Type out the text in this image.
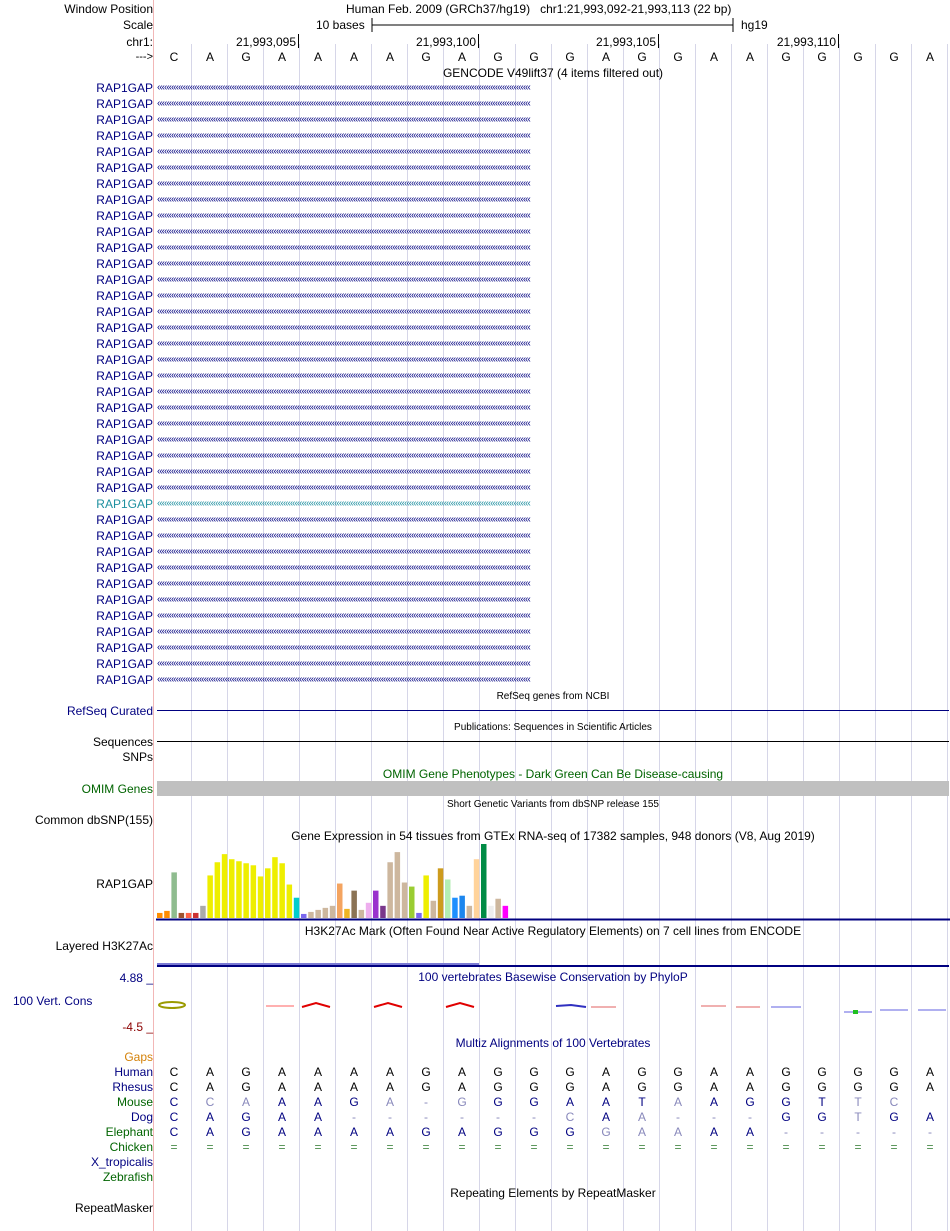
Window Position	Human Feb. 2009 (GRCh37/hg19) chr1:21,993,092-21,993,113 (22 bp)
Scale	10 bases	hg19
chr1:
--->
GENCODE V49lift37 (4 items filtered out)
RefSeq genes from NCBI
RefSeq Curated
Publications: Sequences in Scientific Articles
Sequences
SNPs
OMIM Gene Phenotypes - Dark Green Can Be Disease-causing
OMIM Genes
Short Genetic Variants from dbSNP release 155
Common dbSNP(155)
Gene Expression in 54 tissues from GTEx RNA-seq of 17382 samples, 948 donors (V8, Aug 2019)
RAP1GAP
H3K27Ac Mark (Often Found Near Active Regulatory Elements) on 7 cell lines from ENCODE
Layered H3K27Ac
100 vertebrates Basewise Conservation by PhyloP
4.88 _
100 Vert. Cons
-4.5 _
Multiz Alignments of 100 Vertebrates
Gaps
Repeating Elements by RepeatMasker
RepeatMasker
21,993,095	21,993,100	21,993,105	21,993,110
C	A	G	A	A	A	A	G	A	G	G	G	A	G	G	A	A	G	G	G	G	A
RAP1GAP ‹‹‹‹‹‹‹‹‹‹‹‹‹‹‹‹‹‹‹‹‹‹‹‹‹‹‹‹‹‹‹‹‹‹‹‹‹‹‹‹‹‹‹‹‹‹‹‹‹‹‹‹‹‹‹‹‹‹‹‹‹‹‹‹‹‹‹‹‹‹‹‹‹‹‹‹‹‹‹‹‹‹‹‹‹‹‹‹‹‹‹‹‹‹‹‹‹‹‹‹‹‹‹‹‹‹‹‹‹‹‹‹‹‹‹‹‹‹‹‹‹‹‹‹‹‹‹‹‹‹‹‹‹‹‹‹‹‹‹‹‹‹‹‹‹‹‹‹‹‹‹‹‹‹‹‹‹‹‹‹
RAP1GAP ‹‹‹‹‹‹‹‹‹‹‹‹‹‹‹‹‹‹‹‹‹‹‹‹‹‹‹‹‹‹‹‹‹‹‹‹‹‹‹‹‹‹‹‹‹‹‹‹‹‹‹‹‹‹‹‹‹‹‹‹‹‹‹‹‹‹‹‹‹‹‹‹‹‹‹‹‹‹‹‹‹‹‹‹‹‹‹‹‹‹‹‹‹‹‹‹‹‹‹‹‹‹‹‹‹‹‹‹‹‹‹‹‹‹‹‹‹‹‹‹‹‹‹‹‹‹‹‹‹‹‹‹‹‹‹‹‹‹‹‹‹‹‹‹‹‹‹‹‹‹‹‹‹‹‹‹‹‹‹‹
RAP1GAP ‹‹‹‹‹‹‹‹‹‹‹‹‹‹‹‹‹‹‹‹‹‹‹‹‹‹‹‹‹‹‹‹‹‹‹‹‹‹‹‹‹‹‹‹‹‹‹‹‹‹‹‹‹‹‹‹‹‹‹‹‹‹‹‹‹‹‹‹‹‹‹‹‹‹‹‹‹‹‹‹‹‹‹‹‹‹‹‹‹‹‹‹‹‹‹‹‹‹‹‹‹‹‹‹‹‹‹‹‹‹‹‹‹‹‹‹‹‹‹‹‹‹‹‹‹‹‹‹‹‹‹‹‹‹‹‹‹‹‹‹‹‹‹‹‹‹‹‹‹‹‹‹‹‹‹‹‹‹‹‹
RAP1GAP ‹‹‹‹‹‹‹‹‹‹‹‹‹‹‹‹‹‹‹‹‹‹‹‹‹‹‹‹‹‹‹‹‹‹‹‹‹‹‹‹‹‹‹‹‹‹‹‹‹‹‹‹‹‹‹‹‹‹‹‹‹‹‹‹‹‹‹‹‹‹‹‹‹‹‹‹‹‹‹‹‹‹‹‹‹‹‹‹‹‹‹‹‹‹‹‹‹‹‹‹‹‹‹‹‹‹‹‹‹‹‹‹‹‹‹‹‹‹‹‹‹‹‹‹‹‹‹‹‹‹‹‹‹‹‹‹‹‹‹‹‹‹‹‹‹‹‹‹‹‹‹‹‹‹‹‹‹‹‹‹
RAP1GAP ‹‹‹‹‹‹‹‹‹‹‹‹‹‹‹‹‹‹‹‹‹‹‹‹‹‹‹‹‹‹‹‹‹‹‹‹‹‹‹‹‹‹‹‹‹‹‹‹‹‹‹‹‹‹‹‹‹‹‹‹‹‹‹‹‹‹‹‹‹‹‹‹‹‹‹‹‹‹‹‹‹‹‹‹‹‹‹‹‹‹‹‹‹‹‹‹‹‹‹‹‹‹‹‹‹‹‹‹‹‹‹‹‹‹‹‹‹‹‹‹‹‹‹‹‹‹‹‹‹‹‹‹‹‹‹‹‹‹‹‹‹‹‹‹‹‹‹‹‹‹‹‹‹‹‹‹‹‹‹‹
RAP1GAP ‹‹‹‹‹‹‹‹‹‹‹‹‹‹‹‹‹‹‹‹‹‹‹‹‹‹‹‹‹‹‹‹‹‹‹‹‹‹‹‹‹‹‹‹‹‹‹‹‹‹‹‹‹‹‹‹‹‹‹‹‹‹‹‹‹‹‹‹‹‹‹‹‹‹‹‹‹‹‹‹‹‹‹‹‹‹‹‹‹‹‹‹‹‹‹‹‹‹‹‹‹‹‹‹‹‹‹‹‹‹‹‹‹‹‹‹‹‹‹‹‹‹‹‹‹‹‹‹‹‹‹‹‹‹‹‹‹‹‹‹‹‹‹‹‹‹‹‹‹‹‹‹‹‹‹‹‹‹‹‹
RAP1GAP ‹‹‹‹‹‹‹‹‹‹‹‹‹‹‹‹‹‹‹‹‹‹‹‹‹‹‹‹‹‹‹‹‹‹‹‹‹‹‹‹‹‹‹‹‹‹‹‹‹‹‹‹‹‹‹‹‹‹‹‹‹‹‹‹‹‹‹‹‹‹‹‹‹‹‹‹‹‹‹‹‹‹‹‹‹‹‹‹‹‹‹‹‹‹‹‹‹‹‹‹‹‹‹‹‹‹‹‹‹‹‹‹‹‹‹‹‹‹‹‹‹‹‹‹‹‹‹‹‹‹‹‹‹‹‹‹‹‹‹‹‹‹‹‹‹‹‹‹‹‹‹‹‹‹‹‹‹‹‹‹
RAP1GAP ‹‹‹‹‹‹‹‹‹‹‹‹‹‹‹‹‹‹‹‹‹‹‹‹‹‹‹‹‹‹‹‹‹‹‹‹‹‹‹‹‹‹‹‹‹‹‹‹‹‹‹‹‹‹‹‹‹‹‹‹‹‹‹‹‹‹‹‹‹‹‹‹‹‹‹‹‹‹‹‹‹‹‹‹‹‹‹‹‹‹‹‹‹‹‹‹‹‹‹‹‹‹‹‹‹‹‹‹‹‹‹‹‹‹‹‹‹‹‹‹‹‹‹‹‹‹‹‹‹‹‹‹‹‹‹‹‹‹‹‹‹‹‹‹‹‹‹‹‹‹‹‹‹‹‹‹‹‹‹‹
RAP1GAP ‹‹‹‹‹‹‹‹‹‹‹‹‹‹‹‹‹‹‹‹‹‹‹‹‹‹‹‹‹‹‹‹‹‹‹‹‹‹‹‹‹‹‹‹‹‹‹‹‹‹‹‹‹‹‹‹‹‹‹‹‹‹‹‹‹‹‹‹‹‹‹‹‹‹‹‹‹‹‹‹‹‹‹‹‹‹‹‹‹‹‹‹‹‹‹‹‹‹‹‹‹‹‹‹‹‹‹‹‹‹‹‹‹‹‹‹‹‹‹‹‹‹‹‹‹‹‹‹‹‹‹‹‹‹‹‹‹‹‹‹‹‹‹‹‹‹‹‹‹‹‹‹‹‹‹‹‹‹‹‹
RAP1GAP ‹‹‹‹‹‹‹‹‹‹‹‹‹‹‹‹‹‹‹‹‹‹‹‹‹‹‹‹‹‹‹‹‹‹‹‹‹‹‹‹‹‹‹‹‹‹‹‹‹‹‹‹‹‹‹‹‹‹‹‹‹‹‹‹‹‹‹‹‹‹‹‹‹‹‹‹‹‹‹‹‹‹‹‹‹‹‹‹‹‹‹‹‹‹‹‹‹‹‹‹‹‹‹‹‹‹‹‹‹‹‹‹‹‹‹‹‹‹‹‹‹‹‹‹‹‹‹‹‹‹‹‹‹‹‹‹‹‹‹‹‹‹‹‹‹‹‹‹‹‹‹‹‹‹‹‹‹‹‹‹
RAP1GAP ‹‹‹‹‹‹‹‹‹‹‹‹‹‹‹‹‹‹‹‹‹‹‹‹‹‹‹‹‹‹‹‹‹‹‹‹‹‹‹‹‹‹‹‹‹‹‹‹‹‹‹‹‹‹‹‹‹‹‹‹‹‹‹‹‹‹‹‹‹‹‹‹‹‹‹‹‹‹‹‹‹‹‹‹‹‹‹‹‹‹‹‹‹‹‹‹‹‹‹‹‹‹‹‹‹‹‹‹‹‹‹‹‹‹‹‹‹‹‹‹‹‹‹‹‹‹‹‹‹‹‹‹‹‹‹‹‹‹‹‹‹‹‹‹‹‹‹‹‹‹‹‹‹‹‹‹‹‹‹‹
RAP1GAP ‹‹‹‹‹‹‹‹‹‹‹‹‹‹‹‹‹‹‹‹‹‹‹‹‹‹‹‹‹‹‹‹‹‹‹‹‹‹‹‹‹‹‹‹‹‹‹‹‹‹‹‹‹‹‹‹‹‹‹‹‹‹‹‹‹‹‹‹‹‹‹‹‹‹‹‹‹‹‹‹‹‹‹‹‹‹‹‹‹‹‹‹‹‹‹‹‹‹‹‹‹‹‹‹‹‹‹‹‹‹‹‹‹‹‹‹‹‹‹‹‹‹‹‹‹‹‹‹‹‹‹‹‹‹‹‹‹‹‹‹‹‹‹‹‹‹‹‹‹‹‹‹‹‹‹‹‹‹‹‹
RAP1GAP ‹‹‹‹‹‹‹‹‹‹‹‹‹‹‹‹‹‹‹‹‹‹‹‹‹‹‹‹‹‹‹‹‹‹‹‹‹‹‹‹‹‹‹‹‹‹‹‹‹‹‹‹‹‹‹‹‹‹‹‹‹‹‹‹‹‹‹‹‹‹‹‹‹‹‹‹‹‹‹‹‹‹‹‹‹‹‹‹‹‹‹‹‹‹‹‹‹‹‹‹‹‹‹‹‹‹‹‹‹‹‹‹‹‹‹‹‹‹‹‹‹‹‹‹‹‹‹‹‹‹‹‹‹‹‹‹‹‹‹‹‹‹‹‹‹‹‹‹‹‹‹‹‹‹‹‹‹‹‹‹
RAP1GAP ‹‹‹‹‹‹‹‹‹‹‹‹‹‹‹‹‹‹‹‹‹‹‹‹‹‹‹‹‹‹‹‹‹‹‹‹‹‹‹‹‹‹‹‹‹‹‹‹‹‹‹‹‹‹‹‹‹‹‹‹‹‹‹‹‹‹‹‹‹‹‹‹‹‹‹‹‹‹‹‹‹‹‹‹‹‹‹‹‹‹‹‹‹‹‹‹‹‹‹‹‹‹‹‹‹‹‹‹‹‹‹‹‹‹‹‹‹‹‹‹‹‹‹‹‹‹‹‹‹‹‹‹‹‹‹‹‹‹‹‹‹‹‹‹‹‹‹‹‹‹‹‹‹‹‹‹‹‹‹‹
RAP1GAP ‹‹‹‹‹‹‹‹‹‹‹‹‹‹‹‹‹‹‹‹‹‹‹‹‹‹‹‹‹‹‹‹‹‹‹‹‹‹‹‹‹‹‹‹‹‹‹‹‹‹‹‹‹‹‹‹‹‹‹‹‹‹‹‹‹‹‹‹‹‹‹‹‹‹‹‹‹‹‹‹‹‹‹‹‹‹‹‹‹‹‹‹‹‹‹‹‹‹‹‹‹‹‹‹‹‹‹‹‹‹‹‹‹‹‹‹‹‹‹‹‹‹‹‹‹‹‹‹‹‹‹‹‹‹‹‹‹‹‹‹‹‹‹‹‹‹‹‹‹‹‹‹‹‹‹‹‹‹‹‹
RAP1GAP ‹‹‹‹‹‹‹‹‹‹‹‹‹‹‹‹‹‹‹‹‹‹‹‹‹‹‹‹‹‹‹‹‹‹‹‹‹‹‹‹‹‹‹‹‹‹‹‹‹‹‹‹‹‹‹‹‹‹‹‹‹‹‹‹‹‹‹‹‹‹‹‹‹‹‹‹‹‹‹‹‹‹‹‹‹‹‹‹‹‹‹‹‹‹‹‹‹‹‹‹‹‹‹‹‹‹‹‹‹‹‹‹‹‹‹‹‹‹‹‹‹‹‹‹‹‹‹‹‹‹‹‹‹‹‹‹‹‹‹‹‹‹‹‹‹‹‹‹‹‹‹‹‹‹‹‹‹‹‹‹
RAP1GAP ‹‹‹‹‹‹‹‹‹‹‹‹‹‹‹‹‹‹‹‹‹‹‹‹‹‹‹‹‹‹‹‹‹‹‹‹‹‹‹‹‹‹‹‹‹‹‹‹‹‹‹‹‹‹‹‹‹‹‹‹‹‹‹‹‹‹‹‹‹‹‹‹‹‹‹‹‹‹‹‹‹‹‹‹‹‹‹‹‹‹‹‹‹‹‹‹‹‹‹‹‹‹‹‹‹‹‹‹‹‹‹‹‹‹‹‹‹‹‹‹‹‹‹‹‹‹‹‹‹‹‹‹‹‹‹‹‹‹‹‹‹‹‹‹‹‹‹‹‹‹‹‹‹‹‹‹‹‹‹‹
RAP1GAP ‹‹‹‹‹‹‹‹‹‹‹‹‹‹‹‹‹‹‹‹‹‹‹‹‹‹‹‹‹‹‹‹‹‹‹‹‹‹‹‹‹‹‹‹‹‹‹‹‹‹‹‹‹‹‹‹‹‹‹‹‹‹‹‹‹‹‹‹‹‹‹‹‹‹‹‹‹‹‹‹‹‹‹‹‹‹‹‹‹‹‹‹‹‹‹‹‹‹‹‹‹‹‹‹‹‹‹‹‹‹‹‹‹‹‹‹‹‹‹‹‹‹‹‹‹‹‹‹‹‹‹‹‹‹‹‹‹‹‹‹‹‹‹‹‹‹‹‹‹‹‹‹‹‹‹‹‹‹‹‹
RAP1GAP ‹‹‹‹‹‹‹‹‹‹‹‹‹‹‹‹‹‹‹‹‹‹‹‹‹‹‹‹‹‹‹‹‹‹‹‹‹‹‹‹‹‹‹‹‹‹‹‹‹‹‹‹‹‹‹‹‹‹‹‹‹‹‹‹‹‹‹‹‹‹‹‹‹‹‹‹‹‹‹‹‹‹‹‹‹‹‹‹‹‹‹‹‹‹‹‹‹‹‹‹‹‹‹‹‹‹‹‹‹‹‹‹‹‹‹‹‹‹‹‹‹‹‹‹‹‹‹‹‹‹‹‹‹‹‹‹‹‹‹‹‹‹‹‹‹‹‹‹‹‹‹‹‹‹‹‹‹‹‹‹
RAP1GAP ‹‹‹‹‹‹‹‹‹‹‹‹‹‹‹‹‹‹‹‹‹‹‹‹‹‹‹‹‹‹‹‹‹‹‹‹‹‹‹‹‹‹‹‹‹‹‹‹‹‹‹‹‹‹‹‹‹‹‹‹‹‹‹‹‹‹‹‹‹‹‹‹‹‹‹‹‹‹‹‹‹‹‹‹‹‹‹‹‹‹‹‹‹‹‹‹‹‹‹‹‹‹‹‹‹‹‹‹‹‹‹‹‹‹‹‹‹‹‹‹‹‹‹‹‹‹‹‹‹‹‹‹‹‹‹‹‹‹‹‹‹‹‹‹‹‹‹‹‹‹‹‹‹‹‹‹‹‹‹‹
RAP1GAP ‹‹‹‹‹‹‹‹‹‹‹‹‹‹‹‹‹‹‹‹‹‹‹‹‹‹‹‹‹‹‹‹‹‹‹‹‹‹‹‹‹‹‹‹‹‹‹‹‹‹‹‹‹‹‹‹‹‹‹‹‹‹‹‹‹‹‹‹‹‹‹‹‹‹‹‹‹‹‹‹‹‹‹‹‹‹‹‹‹‹‹‹‹‹‹‹‹‹‹‹‹‹‹‹‹‹‹‹‹‹‹‹‹‹‹‹‹‹‹‹‹‹‹‹‹‹‹‹‹‹‹‹‹‹‹‹‹‹‹‹‹‹‹‹‹‹‹‹‹‹‹‹‹‹‹‹‹‹‹‹
RAP1GAP ‹‹‹‹‹‹‹‹‹‹‹‹‹‹‹‹‹‹‹‹‹‹‹‹‹‹‹‹‹‹‹‹‹‹‹‹‹‹‹‹‹‹‹‹‹‹‹‹‹‹‹‹‹‹‹‹‹‹‹‹‹‹‹‹‹‹‹‹‹‹‹‹‹‹‹‹‹‹‹‹‹‹‹‹‹‹‹‹‹‹‹‹‹‹‹‹‹‹‹‹‹‹‹‹‹‹‹‹‹‹‹‹‹‹‹‹‹‹‹‹‹‹‹‹‹‹‹‹‹‹‹‹‹‹‹‹‹‹‹‹‹‹‹‹‹‹‹‹‹‹‹‹‹‹‹‹‹‹‹‹
RAP1GAP ‹‹‹‹‹‹‹‹‹‹‹‹‹‹‹‹‹‹‹‹‹‹‹‹‹‹‹‹‹‹‹‹‹‹‹‹‹‹‹‹‹‹‹‹‹‹‹‹‹‹‹‹‹‹‹‹‹‹‹‹‹‹‹‹‹‹‹‹‹‹‹‹‹‹‹‹‹‹‹‹‹‹‹‹‹‹‹‹‹‹‹‹‹‹‹‹‹‹‹‹‹‹‹‹‹‹‹‹‹‹‹‹‹‹‹‹‹‹‹‹‹‹‹‹‹‹‹‹‹‹‹‹‹‹‹‹‹‹‹‹‹‹‹‹‹‹‹‹‹‹‹‹‹‹‹‹‹‹‹‹
RAP1GAP ‹‹‹‹‹‹‹‹‹‹‹‹‹‹‹‹‹‹‹‹‹‹‹‹‹‹‹‹‹‹‹‹‹‹‹‹‹‹‹‹‹‹‹‹‹‹‹‹‹‹‹‹‹‹‹‹‹‹‹‹‹‹‹‹‹‹‹‹‹‹‹‹‹‹‹‹‹‹‹‹‹‹‹‹‹‹‹‹‹‹‹‹‹‹‹‹‹‹‹‹‹‹‹‹‹‹‹‹‹‹‹‹‹‹‹‹‹‹‹‹‹‹‹‹‹‹‹‹‹‹‹‹‹‹‹‹‹‹‹‹‹‹‹‹‹‹‹‹‹‹‹‹‹‹‹‹‹‹‹‹
RAP1GAP ‹‹‹‹‹‹‹‹‹‹‹‹‹‹‹‹‹‹‹‹‹‹‹‹‹‹‹‹‹‹‹‹‹‹‹‹‹‹‹‹‹‹‹‹‹‹‹‹‹‹‹‹‹‹‹‹‹‹‹‹‹‹‹‹‹‹‹‹‹‹‹‹‹‹‹‹‹‹‹‹‹‹‹‹‹‹‹‹‹‹‹‹‹‹‹‹‹‹‹‹‹‹‹‹‹‹‹‹‹‹‹‹‹‹‹‹‹‹‹‹‹‹‹‹‹‹‹‹‹‹‹‹‹‹‹‹‹‹‹‹‹‹‹‹‹‹‹‹‹‹‹‹‹‹‹‹‹‹‹‹
RAP1GAP ‹‹‹‹‹‹‹‹‹‹‹‹‹‹‹‹‹‹‹‹‹‹‹‹‹‹‹‹‹‹‹‹‹‹‹‹‹‹‹‹‹‹‹‹‹‹‹‹‹‹‹‹‹‹‹‹‹‹‹‹‹‹‹‹‹‹‹‹‹‹‹‹‹‹‹‹‹‹‹‹‹‹‹‹‹‹‹‹‹‹‹‹‹‹‹‹‹‹‹‹‹‹‹‹‹‹‹‹‹‹‹‹‹‹‹‹‹‹‹‹‹‹‹‹‹‹‹‹‹‹‹‹‹‹‹‹‹‹‹‹‹‹‹‹‹‹‹‹‹‹‹‹‹‹‹‹‹‹‹‹
RAP1GAP ‹‹‹‹‹‹‹‹‹‹‹‹‹‹‹‹‹‹‹‹‹‹‹‹‹‹‹‹‹‹‹‹‹‹‹‹‹‹‹‹‹‹‹‹‹‹‹‹‹‹‹‹‹‹‹‹‹‹‹‹‹‹‹‹‹‹‹‹‹‹‹‹‹‹‹‹‹‹‹‹‹‹‹‹‹‹‹‹‹‹‹‹‹‹‹‹‹‹‹‹‹‹‹‹‹‹‹‹‹‹‹‹‹‹‹‹‹‹‹‹‹‹‹‹‹‹‹‹‹‹‹‹‹‹‹‹‹‹‹‹‹‹‹‹‹‹‹‹‹‹‹‹‹‹‹‹‹‹‹‹
RAP1GAP ‹‹‹‹‹‹‹‹‹‹‹‹‹‹‹‹‹‹‹‹‹‹‹‹‹‹‹‹‹‹‹‹‹‹‹‹‹‹‹‹‹‹‹‹‹‹‹‹‹‹‹‹‹‹‹‹‹‹‹‹‹‹‹‹‹‹‹‹‹‹‹‹‹‹‹‹‹‹‹‹‹‹‹‹‹‹‹‹‹‹‹‹‹‹‹‹‹‹‹‹‹‹‹‹‹‹‹‹‹‹‹‹‹‹‹‹‹‹‹‹‹‹‹‹‹‹‹‹‹‹‹‹‹‹‹‹‹‹‹‹‹‹‹‹‹‹‹‹‹‹‹‹‹‹‹‹‹‹‹‹
RAP1GAP ‹‹‹‹‹‹‹‹‹‹‹‹‹‹‹‹‹‹‹‹‹‹‹‹‹‹‹‹‹‹‹‹‹‹‹‹‹‹‹‹‹‹‹‹‹‹‹‹‹‹‹‹‹‹‹‹‹‹‹‹‹‹‹‹‹‹‹‹‹‹‹‹‹‹‹‹‹‹‹‹‹‹‹‹‹‹‹‹‹‹‹‹‹‹‹‹‹‹‹‹‹‹‹‹‹‹‹‹‹‹‹‹‹‹‹‹‹‹‹‹‹‹‹‹‹‹‹‹‹‹‹‹‹‹‹‹‹‹‹‹‹‹‹‹‹‹‹‹‹‹‹‹‹‹‹‹‹‹‹‹
RAP1GAP ‹‹‹‹‹‹‹‹‹‹‹‹‹‹‹‹‹‹‹‹‹‹‹‹‹‹‹‹‹‹‹‹‹‹‹‹‹‹‹‹‹‹‹‹‹‹‹‹‹‹‹‹‹‹‹‹‹‹‹‹‹‹‹‹‹‹‹‹‹‹‹‹‹‹‹‹‹‹‹‹‹‹‹‹‹‹‹‹‹‹‹‹‹‹‹‹‹‹‹‹‹‹‹‹‹‹‹‹‹‹‹‹‹‹‹‹‹‹‹‹‹‹‹‹‹‹‹‹‹‹‹‹‹‹‹‹‹‹‹‹‹‹‹‹‹‹‹‹‹‹‹‹‹‹‹‹‹‹‹‹
RAP1GAP ‹‹‹‹‹‹‹‹‹‹‹‹‹‹‹‹‹‹‹‹‹‹‹‹‹‹‹‹‹‹‹‹‹‹‹‹‹‹‹‹‹‹‹‹‹‹‹‹‹‹‹‹‹‹‹‹‹‹‹‹‹‹‹‹‹‹‹‹‹‹‹‹‹‹‹‹‹‹‹‹‹‹‹‹‹‹‹‹‹‹‹‹‹‹‹‹‹‹‹‹‹‹‹‹‹‹‹‹‹‹‹‹‹‹‹‹‹‹‹‹‹‹‹‹‹‹‹‹‹‹‹‹‹‹‹‹‹‹‹‹‹‹‹‹‹‹‹‹‹‹‹‹‹‹‹‹‹‹‹‹
RAP1GAP ‹‹‹‹‹‹‹‹‹‹‹‹‹‹‹‹‹‹‹‹‹‹‹‹‹‹‹‹‹‹‹‹‹‹‹‹‹‹‹‹‹‹‹‹‹‹‹‹‹‹‹‹‹‹‹‹‹‹‹‹‹‹‹‹‹‹‹‹‹‹‹‹‹‹‹‹‹‹‹‹‹‹‹‹‹‹‹‹‹‹‹‹‹‹‹‹‹‹‹‹‹‹‹‹‹‹‹‹‹‹‹‹‹‹‹‹‹‹‹‹‹‹‹‹‹‹‹‹‹‹‹‹‹‹‹‹‹‹‹‹‹‹‹‹‹‹‹‹‹‹‹‹‹‹‹‹‹‹‹‹
RAP1GAP ‹‹‹‹‹‹‹‹‹‹‹‹‹‹‹‹‹‹‹‹‹‹‹‹‹‹‹‹‹‹‹‹‹‹‹‹‹‹‹‹‹‹‹‹‹‹‹‹‹‹‹‹‹‹‹‹‹‹‹‹‹‹‹‹‹‹‹‹‹‹‹‹‹‹‹‹‹‹‹‹‹‹‹‹‹‹‹‹‹‹‹‹‹‹‹‹‹‹‹‹‹‹‹‹‹‹‹‹‹‹‹‹‹‹‹‹‹‹‹‹‹‹‹‹‹‹‹‹‹‹‹‹‹‹‹‹‹‹‹‹‹‹‹‹‹‹‹‹‹‹‹‹‹‹‹‹‹‹‹‹
RAP1GAP ‹‹‹‹‹‹‹‹‹‹‹‹‹‹‹‹‹‹‹‹‹‹‹‹‹‹‹‹‹‹‹‹‹‹‹‹‹‹‹‹‹‹‹‹‹‹‹‹‹‹‹‹‹‹‹‹‹‹‹‹‹‹‹‹‹‹‹‹‹‹‹‹‹‹‹‹‹‹‹‹‹‹‹‹‹‹‹‹‹‹‹‹‹‹‹‹‹‹‹‹‹‹‹‹‹‹‹‹‹‹‹‹‹‹‹‹‹‹‹‹‹‹‹‹‹‹‹‹‹‹‹‹‹‹‹‹‹‹‹‹‹‹‹‹‹‹‹‹‹‹‹‹‹‹‹‹‹‹‹‹
RAP1GAP ‹‹‹‹‹‹‹‹‹‹‹‹‹‹‹‹‹‹‹‹‹‹‹‹‹‹‹‹‹‹‹‹‹‹‹‹‹‹‹‹‹‹‹‹‹‹‹‹‹‹‹‹‹‹‹‹‹‹‹‹‹‹‹‹‹‹‹‹‹‹‹‹‹‹‹‹‹‹‹‹‹‹‹‹‹‹‹‹‹‹‹‹‹‹‹‹‹‹‹‹‹‹‹‹‹‹‹‹‹‹‹‹‹‹‹‹‹‹‹‹‹‹‹‹‹‹‹‹‹‹‹‹‹‹‹‹‹‹‹‹‹‹‹‹‹‹‹‹‹‹‹‹‹‹‹‹‹‹‹‹
RAP1GAP ‹‹‹‹‹‹‹‹‹‹‹‹‹‹‹‹‹‹‹‹‹‹‹‹‹‹‹‹‹‹‹‹‹‹‹‹‹‹‹‹‹‹‹‹‹‹‹‹‹‹‹‹‹‹‹‹‹‹‹‹‹‹‹‹‹‹‹‹‹‹‹‹‹‹‹‹‹‹‹‹‹‹‹‹‹‹‹‹‹‹‹‹‹‹‹‹‹‹‹‹‹‹‹‹‹‹‹‹‹‹‹‹‹‹‹‹‹‹‹‹‹‹‹‹‹‹‹‹‹‹‹‹‹‹‹‹‹‹‹‹‹‹‹‹‹‹‹‹‹‹‹‹‹‹‹‹‹‹‹‹
RAP1GAP ‹‹‹‹‹‹‹‹‹‹‹‹‹‹‹‹‹‹‹‹‹‹‹‹‹‹‹‹‹‹‹‹‹‹‹‹‹‹‹‹‹‹‹‹‹‹‹‹‹‹‹‹‹‹‹‹‹‹‹‹‹‹‹‹‹‹‹‹‹‹‹‹‹‹‹‹‹‹‹‹‹‹‹‹‹‹‹‹‹‹‹‹‹‹‹‹‹‹‹‹‹‹‹‹‹‹‹‹‹‹‹‹‹‹‹‹‹‹‹‹‹‹‹‹‹‹‹‹‹‹‹‹‹‹‹‹‹‹‹‹‹‹‹‹‹‹‹‹‹‹‹‹‹‹‹‹‹‹‹‹
RAP1GAP ‹‹‹‹‹‹‹‹‹‹‹‹‹‹‹‹‹‹‹‹‹‹‹‹‹‹‹‹‹‹‹‹‹‹‹‹‹‹‹‹‹‹‹‹‹‹‹‹‹‹‹‹‹‹‹‹‹‹‹‹‹‹‹‹‹‹‹‹‹‹‹‹‹‹‹‹‹‹‹‹‹‹‹‹‹‹‹‹‹‹‹‹‹‹‹‹‹‹‹‹‹‹‹‹‹‹‹‹‹‹‹‹‹‹‹‹‹‹‹‹‹‹‹‹‹‹‹‹‹‹‹‹‹‹‹‹‹‹‹‹‹‹‹‹‹‹‹‹‹‹‹‹‹‹‹‹‹‹‹‹
Human	C	A	G	A	A	A	A	G	A	G	G	G	A	G	G	A	A	G	G	G	G	A
Rhesus	C	A	G	A	A	A	A	G	A	G	G	G	A	G	G	A	A	G	G	G	G	A
Mouse	C	C	A	A	A	G	A	-	G	G	G	A	A	T	A	A	G	G	T	T	C
Dog	C	A	G	A	A	-	-	-	-	-	-	C	A	A	-	-	-	G	G	T	G	A
Elephant	C	A	G	A	A	A	A	G	A	G	G	G	G	A	A	A	A	-	-	-	-	-
Chicken	=	=	=	=	=	=	=	=	=	=	=	=	=	=	=	=	=	=	=	=	=	=
X_tropicalis
Zebrafish
